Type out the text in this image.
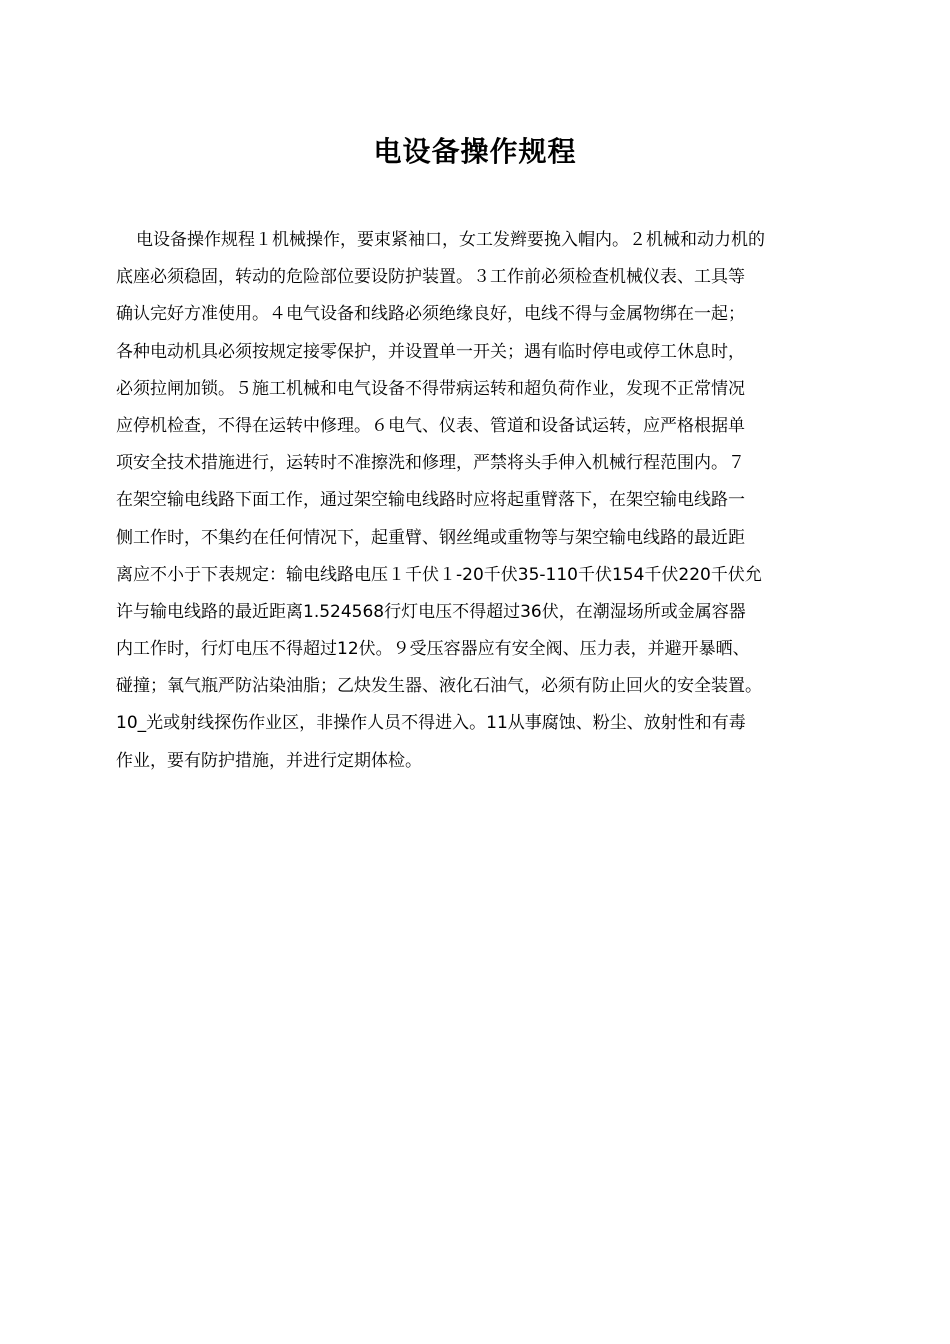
电设备操作规程
电设备操作规程１机械操作，要束紧袖口，女工发辫要挽入帽内。２机械和动力机的
底座必须稳固，转动的危险部位要设防护装置。３工作前必须检查机械仪表、工具等
确认完好方准使用。４电气设备和线路必须绝缘良好，电线不得与金属物绑在一起；
各种电动机具必须按规定接零保护，并设置单一开关；遇有临时停电或停工休息时，
必须拉闸加锁。５施工机械和电气设备不得带病运转和超负荷作业，发现不正常情况
应停机检查，不得在运转中修理。６电气、仪表、管道和设备试运转，应严格根据单
项安全技术措施进行，运转时不准擦洗和修理，严禁将头手伸入机械行程范围内。７
在架空输电线路下面工作，通过架空输电线路时应将起重臂落下，在架空输电线路一
侧工作时，不集约在任何情况下，起重臂、钢丝绳或重物等与架空输电线路的最近距
离应不小于下表规定：输电线路电压１千伏１-20千伏35-110千伏154千伏220千伏允
许与输电线路的最近距离1.524568行灯电压不得超过36伏，在潮湿场所或金属容器
内工作时，行灯电压不得超过12伏。９受压容器应有安全阀、压力表，并避开暴晒、
碰撞；氧气瓶严防沾染油脂；乙炔发生器、液化石油气，必须有防止回火的安全装置。
10_光或射线探伤作业区，非操作人员不得进入。11从事腐蚀、粉尘、放射性和有毒
作业，要有防护措施，并进行定期体检。
